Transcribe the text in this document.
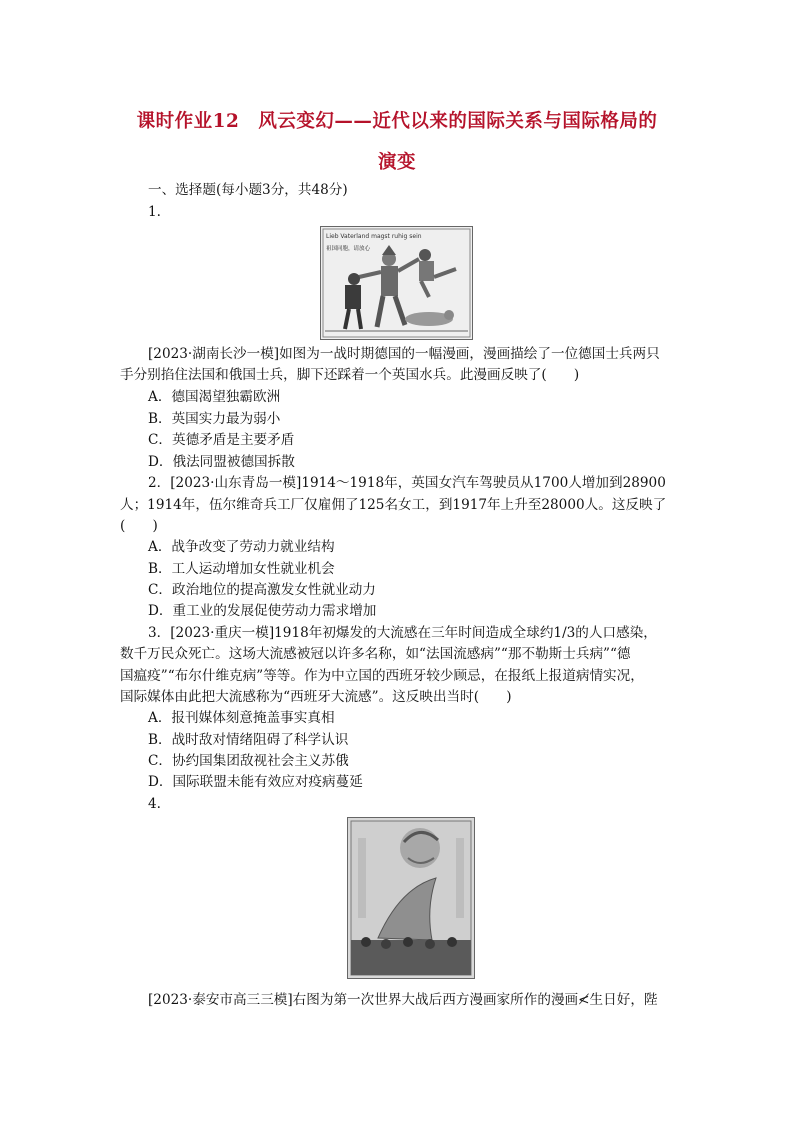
课时作业12　风云变幻——近代以来的国际关系与国际格局的
演变
一、选择题(每小题3分，共48分)
1.
Lieb Vaterland magst ruhig sein
祖国同胞，请放心
[2023·湖南长沙一模]如图为一战时期德国的一幅漫画，漫画描绘了一位德国士兵两只
手分别掐住法国和俄国士兵，脚下还踩着一个英国水兵。此漫画反映了(　　)
A．德国渴望独霸欧洲
B．英国实力最为弱小
C．英德矛盾是主要矛盾
D．俄法同盟被德国拆散
2．[2023·山东青岛一模]1914～1918年，英国女汽车驾驶员从1700人增加到28900
人；1914年，伍尔维奇兵工厂仅雇佣了125名女工，到1917年上升至28000人。这反映了
(　　)
A．战争改变了劳动力就业结构
B．工人运动增加女性就业机会
C．政治地位的提高激发女性就业动力
D．重工业的发展促使劳动力需求增加
3．[2023·重庆一模]1918年初爆发的大流感在三年时间造成全球约1/3的人口感染，
数千万民众死亡。这场大流感被冠以许多名称，如“法国流感病”“那不勒斯士兵病”“德
国瘟疫”“布尔什维克病”等等。作为中立国的西班牙较少顾忌，在报纸上报道病情实况，
国际媒体由此把大流感称为“西班牙大流感”。这反映出当时(　　)
A．报刊媒体刻意掩盖事实真相
B．战时敌对情绪阻碍了科学认识
C．协约国集团敌视社会主义苏俄
D．国际联盟未能有效应对疫病蔓延
4.
[2023·泰安市高三三模]右图为第一次世界大战后西方漫画家所作的漫画≮生日好，陛
